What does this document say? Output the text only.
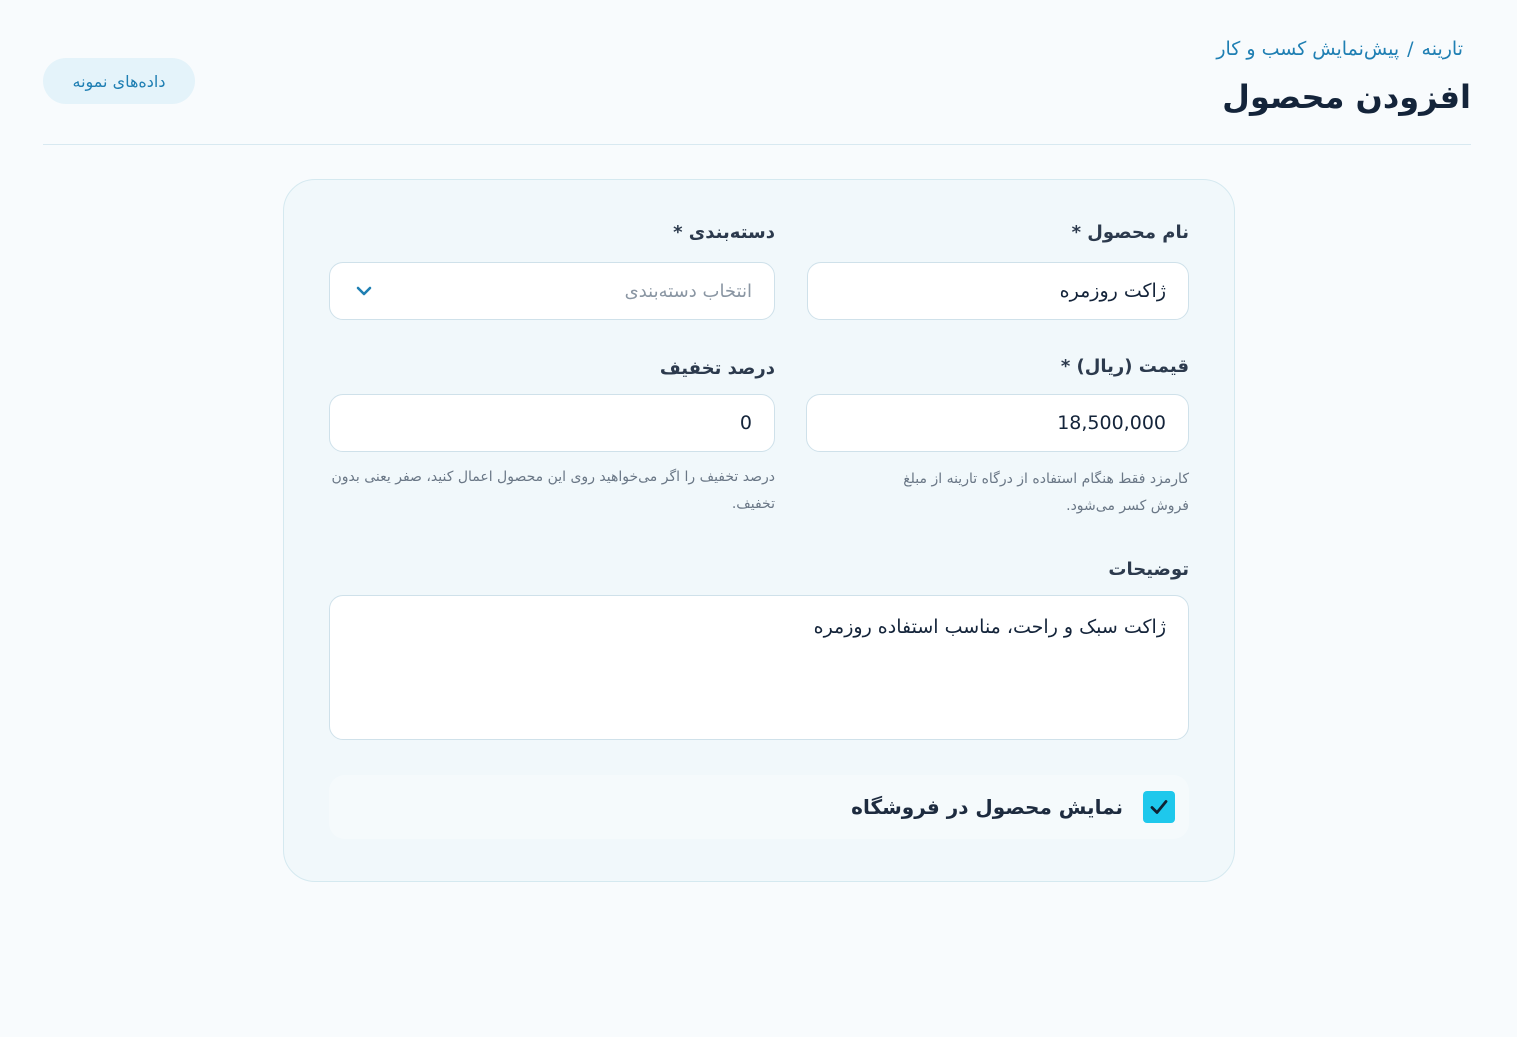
تارینه
/
پیش‌نمایش کسب و کار
افزودن محصول
داده‌های نمونه
نام محصول *
ژاکت روزمره
دسته‌بندی *
انتخاب دسته‌بندی
قیمت (ریال) *
18,500,000
کارمزد فقط هنگام استفاده از درگاه تارینه از مبلغ
فروش کسر می‌شود.
درصد تخفیف
0
درصد تخفیف را اگر می‌خواهید روی این محصول اعمال کنید، صفر یعنی بدون
تخفیف.
توضیحات
ژاکت سبک و راحت، مناسب استفاده روزمره
نمایش محصول در فروشگاه
